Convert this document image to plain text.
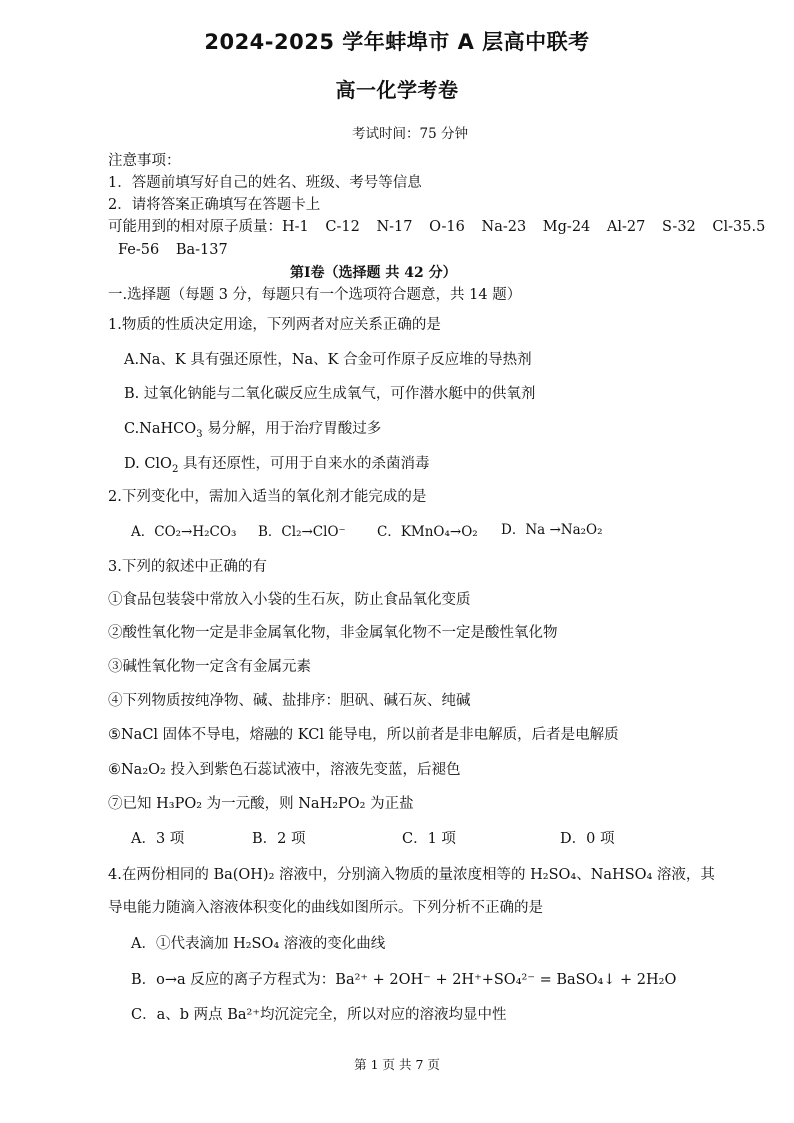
2024-2025 学年蚌埠市 A 层高中联考
高一化学考卷
考试时间：75 分钟
注意事项：
1．答题前填写好自己的姓名、班级、考号等信息
2．请将答案正确填写在答题卡上
可能用到的相对原子质量：H-1 C-12 N-17 O-16 Na-23 Mg-24 Al-27 S-32 Cl-35.5
Fe-56 Ba-137
第Ⅰ卷（选择题 共 42 分）
一.选择题（每题 3 分，每题只有一个选项符合题意，共 14 题）
1.物质的性质决定用途，下列两者对应关系正确的是
A.Na、K 具有强还原性，Na、K 合金可作原子反应堆的导热剂
B. 过氧化钠能与二氧化碳反应生成氧气，可作潜水艇中的供氧剂
C.NaHCO$_3$ 易分解，用于治疗胃酸过多
D. ClO$_2$ 具有还原性，可用于自来水的杀菌消毒
2.下列变化中，需加入适当的氧化剂才能完成的是
A．CO₂→H₂CO₃ B．Cl₂→ClO⁻ C．KMnO₄→O₂ D．Na →Na₂O₂
3.下列的叙述中正确的有
①食品包装袋中常放入小袋的生石灰，防止食品氧化变质
②酸性氧化物一定是非金属氧化物，非金属氧化物不一定是酸性氧化物
③碱性氧化物一定含有金属元素
④下列物质按纯净物、碱、盐排序：胆矾、碱石灰、纯碱
⑤NaCl 固体不导电，熔融的 KCl 能导电，所以前者是非电解质，后者是电解质
⑥Na₂O₂ 投入到紫色石蕊试液中，溶液先变蓝，后褪色
⑦已知 H₃PO₂ 为一元酸，则 NaH₂PO₂ 为正盐
A．3 项	B．2 项	C．1 项	D．0 项
4.在两份相同的 Ba(OH)₂ 溶液中，分别滴入物质的量浓度相等的 H₂SO₄、NaHSO₄ 溶液，其
导电能力随滴入溶液体积变化的曲线如图所示。下列分析不正确的是
A．①代表滴加 H₂SO₄ 溶液的变化曲线
B．o→a 反应的离子方程式为：Ba²⁺ + 2OH⁻ + 2H⁺+SO₄²⁻ = BaSO₄↓ + 2H₂O
C．a、b 两点 Ba²⁺均沉淀完全，所以对应的溶液均显中性
第 1 页 共 7 页
